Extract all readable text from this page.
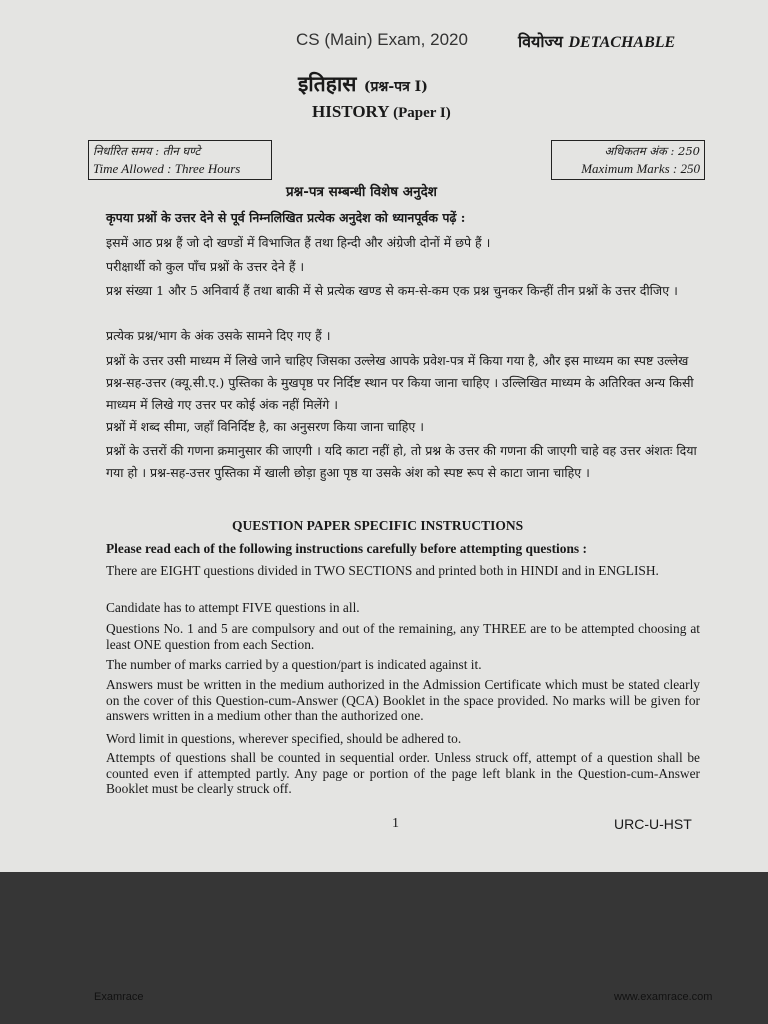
CS (Main) Exam, 2020	वियोज्य DETACHABLE
इतिहास (प्रश्न-पत्र I)
HISTORY (Paper I)
निर्धारित समय : तीन घण्टे
Time Allowed : Three Hours
अधिकतम अंक : 250
Maximum Marks : 250
प्रश्न-पत्र सम्बन्धी विशेष अनुदेश
कृपया प्रश्नों के उत्तर देने से पूर्व निम्नलिखित प्रत्येक अनुदेश को ध्यानपूर्वक पढ़ें :
इसमें आठ प्रश्न हैं जो दो खण्डों में विभाजित हैं तथा हिन्दी और अंग्रेजी दोनों में छपे हैं ।
परीक्षार्थी को कुल पाँच प्रश्नों के उत्तर देने हैं ।
प्रश्न संख्या 1 और 5 अनिवार्य हैं तथा बाकी में से प्रत्येक खण्ड से कम-से-कम एक प्रश्न चुनकर किन्हीं तीन प्रश्नों के उत्तर दीजिए ।
प्रत्येक प्रश्न/भाग के अंक उसके सामने दिए गए हैं ।
प्रश्नों के उत्तर उसी माध्यम में लिखे जाने चाहिए जिसका उल्लेख आपके प्रवेश-पत्र में किया गया है, और इस माध्यम का स्पष्ट उल्लेख प्रश्न-सह-उत्तर (क्यू.सी.ए.) पुस्तिका के मुखपृष्ठ पर निर्दिष्ट स्थान पर किया जाना चाहिए । उल्लिखित माध्यम के अतिरिक्त अन्य किसी माध्यम में लिखे गए उत्तर पर कोई अंक नहीं मिलेंगे ।
प्रश्नों में शब्द सीमा, जहाँ विनिर्दिष्ट है, का अनुसरण किया जाना चाहिए ।
प्रश्नों के उत्तरों की गणना क्रमानुसार की जाएगी । यदि काटा नहीं हो, तो प्रश्न के उत्तर की गणना की जाएगी चाहे वह उत्तर अंशतः दिया गया हो । प्रश्न-सह-उत्तर पुस्तिका में खाली छोड़ा हुआ पृष्ठ या उसके अंश को स्पष्ट रूप से काटा जाना चाहिए ।
QUESTION PAPER SPECIFIC INSTRUCTIONS
Please read each of the following instructions carefully before attempting questions :
There are EIGHT questions divided in TWO SECTIONS and printed both in HINDI and in ENGLISH.
Candidate has to attempt FIVE questions in all.
Questions No. 1 and 5 are compulsory and out of the remaining, any THREE are to be attempted choosing at least ONE question from each Section.
The number of marks carried by a question/part is indicated against it.
Answers must be written in the medium authorized in the Admission Certificate which must be stated clearly on the cover of this Question-cum-Answer (QCA) Booklet in the space provided. No marks will be given for answers written in a medium other than the authorized one.
Word limit in questions, wherever specified, should be adhered to.
Attempts of questions shall be counted in sequential order. Unless struck off, attempt of a question shall be counted even if attempted partly. Any page or portion of the page left blank in the Question-cum-Answer Booklet must be clearly struck off.
1	URC-U-HST
Examrace	www.examrace.com
